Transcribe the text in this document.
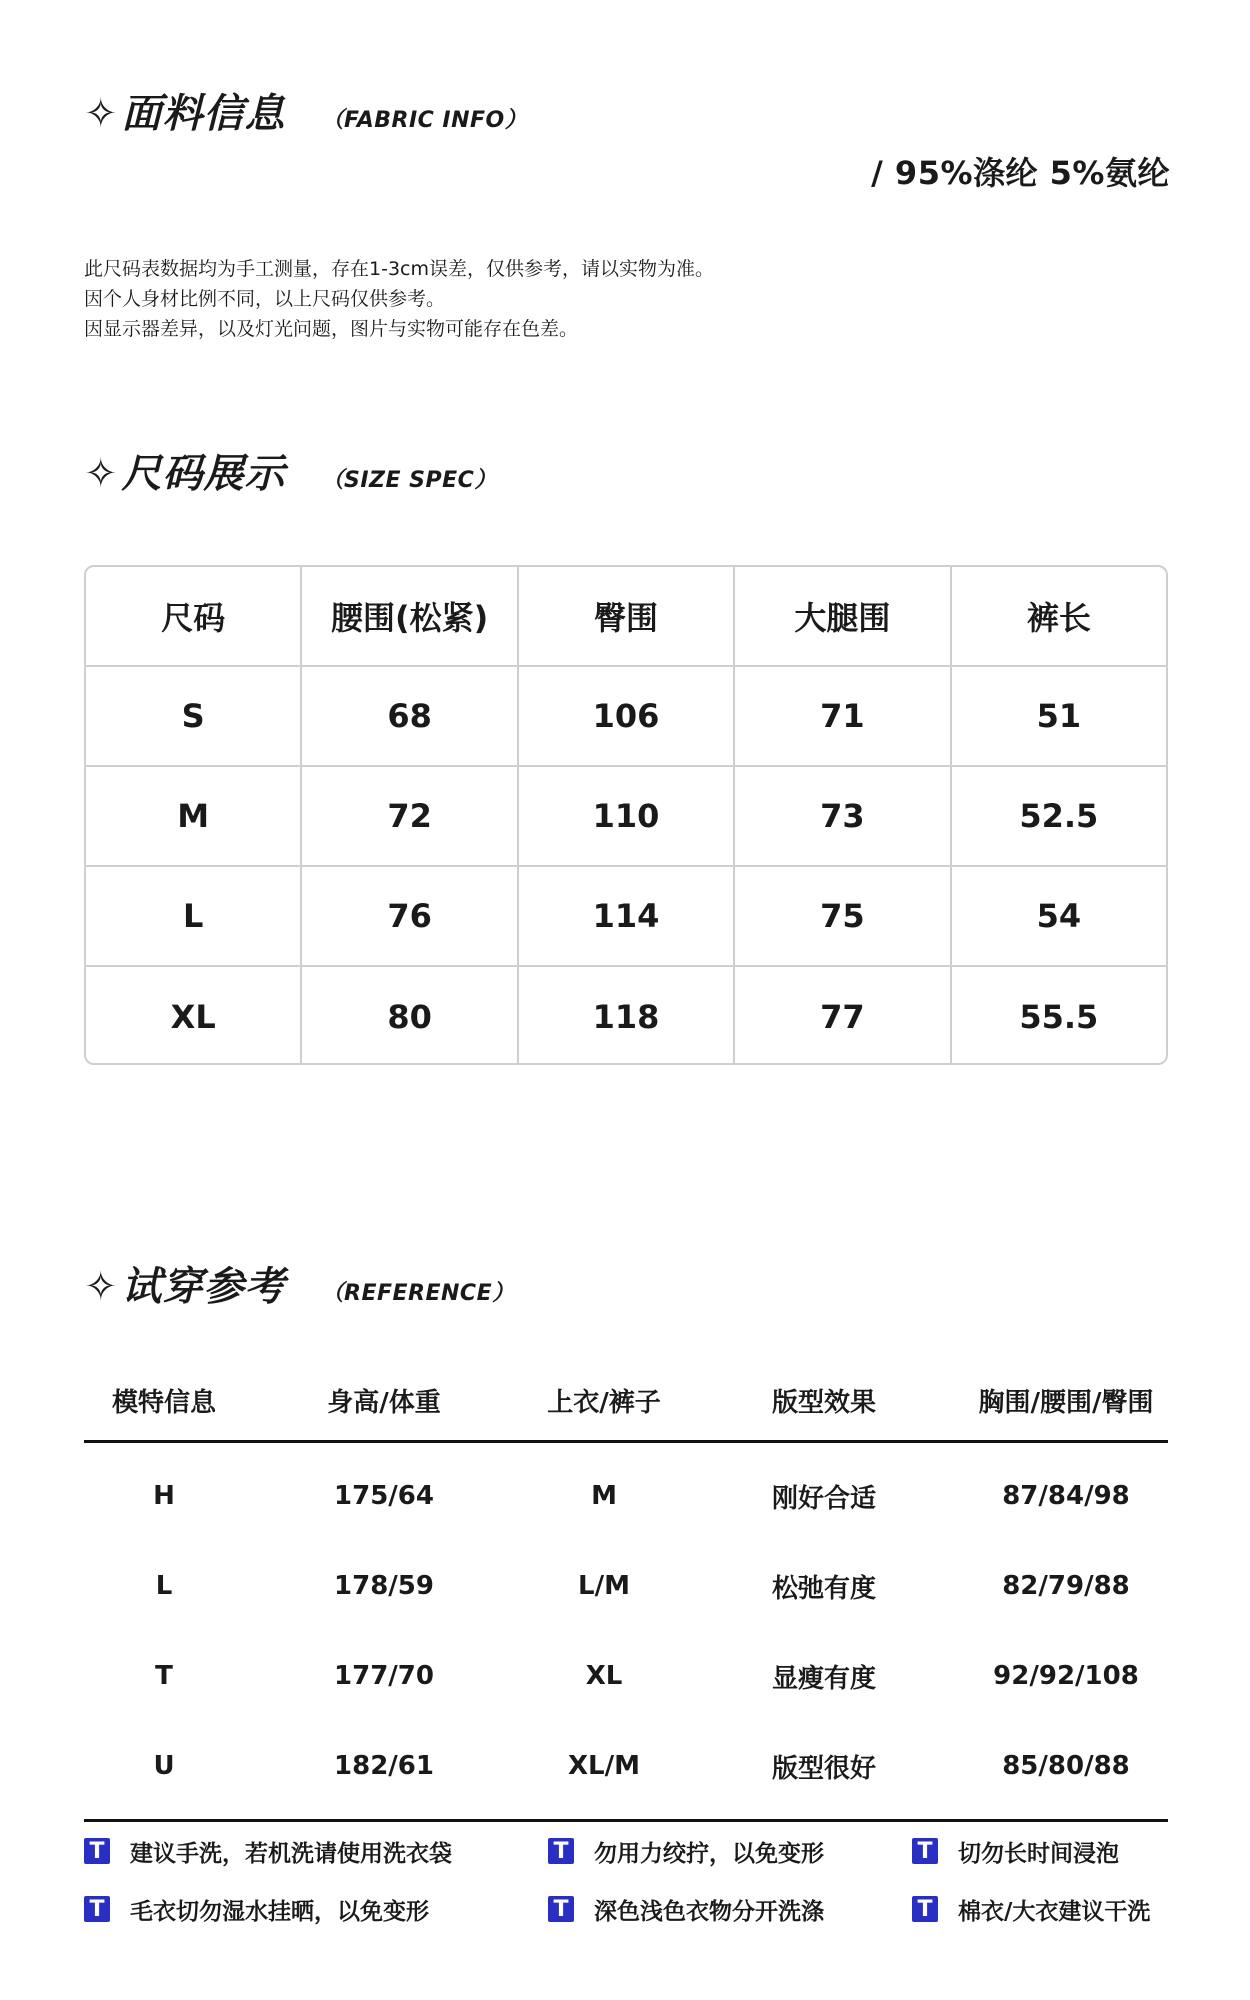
✧ 面料信息 （FABRIC INFO）
/ 95%涤纶 5%氨纶
此尺码表数据均为手工测量，存在1-3cm误差，仅供参考，请以实物为准。
因个人身材比例不同，以上尺码仅供参考。
因显示器差异，以及灯光问题，图片与实物可能存在色差。
✧ 尺码展示 （SIZE SPEC）
尺码	腰围(松紧)	臀围	大腿围	裤长
S	68	106	71	51
M	72	110	73	52.5
L	76	114	75	54
XL	80	118	77	55.5
✧ 试穿参考 （REFERENCE）
模特信息	身高/体重	上衣/裤子	版型效果	胸围/腰围/臀围
H	175/64	M	刚好合适	87/84/98
L	178/59	L/M	松弛有度	82/79/88
T	177/70	XL	显瘦有度	92/92/108
U	182/61	XL/M	版型很好	85/80/88
T 建议手洗，若机洗请使用洗衣袋	T 勿用力绞拧，以免变形	T 切勿长时间浸泡
T 毛衣切勿湿水挂晒，以免变形	T 深色浅色衣物分开洗涤	T 棉衣/大衣建议干洗
